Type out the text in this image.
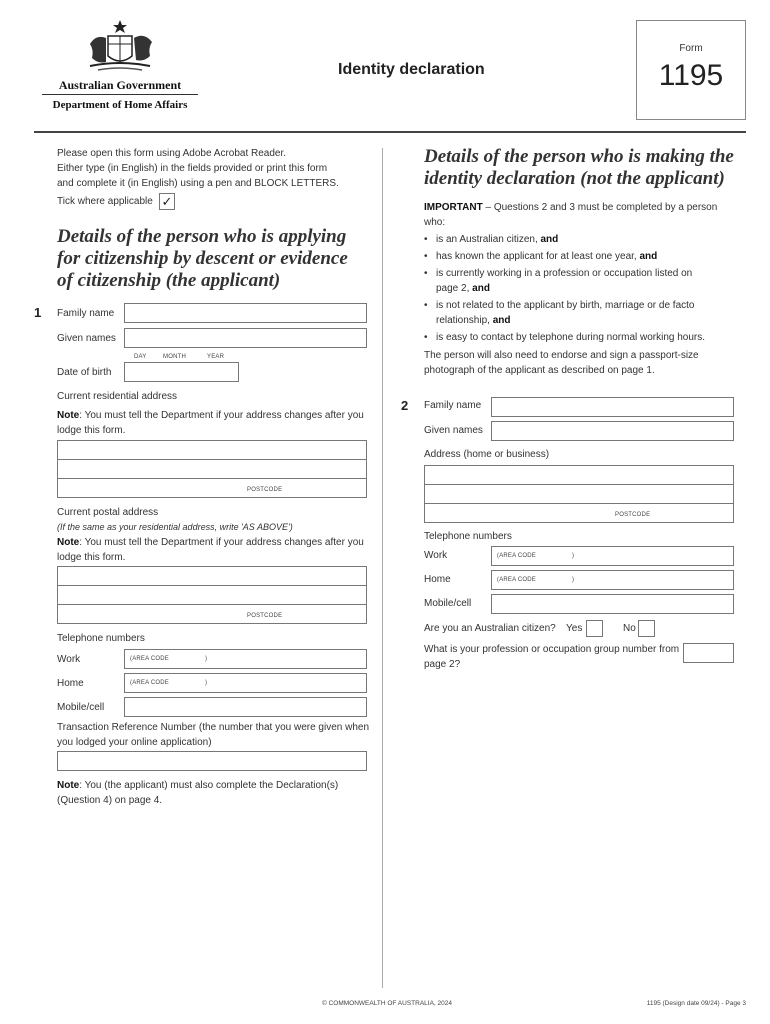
Australian Government
Department of Home Affairs
Identity declaration
Form
1195
Please open this form using Adobe Acrobat Reader.
Either type (in English) in the fields provided or print this form
and complete it (in English) using a pen and BLOCK LETTERS.
Tick where applicable ✓
Details of the person who is applying
for citizenship by descent or evidence
of citizenship (the applicant)
1 Family name
Given names
DAY	MONTH	YEAR
Date of birth
Current residential address
Note: You must tell the Department if your address changes after you
lodge this form.
POSTCODE
Current postal address
(If the same as your residential address, write 'AS ABOVE')
Note: You must tell the Department if your address changes after you
lodge this form.
POSTCODE
Telephone numbers
Work	(AREA CODE	)
Home	(AREA CODE	)
Mobile/cell
Transaction Reference Number (the number that you were given when
you lodged your online application)
Note: You (the applicant) must also complete the Declaration(s)
(Question 4) on page 4.
Details of the person who is making the
identity declaration (not the applicant)
IMPORTANT – Questions 2 and 3 must be completed by a person
who:
• is an Australian citizen, and
• has known the applicant for at least one year, and
• is currently working in a profession or occupation listed on
page 2, and
• is not related to the applicant by birth, marriage or de facto
relationship, and
• is easy to contact by telephone during normal working hours.
The person will also need to endorse and sign a passport-size
photograph of the applicant as described on page 1.
2 Family name
Given names
Address (home or business)
POSTCODE
Telephone numbers
Work	(AREA CODE	)
Home	(AREA CODE	)
Mobile/cell
Are you an Australian citizen? Yes	No
What is your profession or occupation group number from
page 2?
© COMMONWEALTH OF AUSTRALIA, 2024	1195 (Design date 09/24) - Page 3
